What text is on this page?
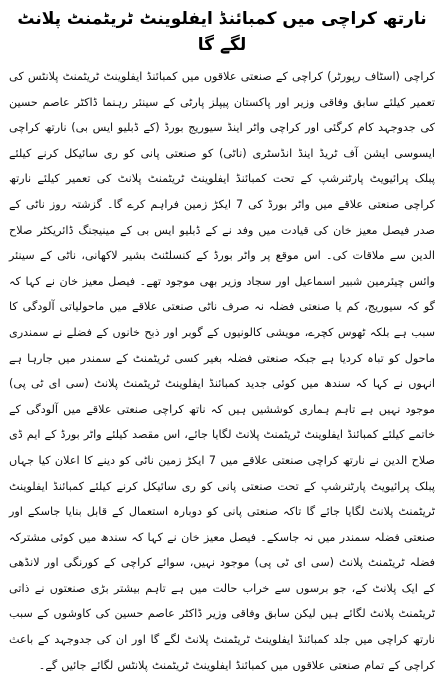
نارتھ کراچی میں کمبائنڈ ایفلوینٹ ٹریٹمنٹ پلانٹ لگے گا

کراچی (اسٹاف رپورٹر) کراچی کے صنعتی علاقوں میں کمبائنڈ ایفلوینٹ ٹریٹمنٹ پلانٹس کی تعمیر کیلئے سابق وفاقی وزیر اور پاکستان پیپلز پارٹی کے سینئر رہنما ڈاکٹر عاصم حسین کی جدوجہد کام کرگئی اور کراچی واٹر اینڈ سیوریج بورڈ (کے ڈبلیو ایس بی) نارتھ کراچی ایسوسی ایشن آف ٹریڈ اینڈ انڈسٹری (ناٹی) کو صنعتی پانی کو ری سائیکل کرنے کیلئے پبلک پرائیویٹ پارٹنرشپ کے تحت کمبائنڈ ایفلوینٹ ٹریٹمنٹ پلانٹ کی تعمیر کیلئے نارتھ کراچی صنعتی علاقے میں واٹر بورڈ کی 7 ایکڑ زمین فراہم کرے گا۔ گزشتہ روز ناٹی کے صدر فیصل معیز خان کی قیادت میں وفد نے کے ڈبلیو ایس بی کے مینیجنگ ڈائریکٹر صلاح الدین سے ملاقات کی۔ اس موقع پر واٹر بورڈ کے کنسلٹنٹ بشیر لاکھانی، ناٹی کے سینئر وائس چیئرمین شبیر اسماعیل اور سجاد وزیر بھی موجود تھے۔ فیصل معیز خان نے کہا کہ گو کہ سیوریج، کم یا صنعتی فضلہ نہ صرف ناٹی صنعتی علاقے میں ماحولیاتی آلودگی کا سبب ہے بلکہ ٹھوس کچرے، مویشی کالونیوں کے گوبر اور ذبح خانوں کے فضلے نے سمندری ماحول کو تباہ کردیا ہے جبکہ صنعتی فضلہ بغیر کسی ٹریٹمنٹ کے سمندر میں جارہا ہے انہوں نے کہا کہ سندھ میں کوئی جدید کمبائنڈ ایفلوینٹ ٹریٹمنٹ پلانٹ (سی ای ٹی پی) موجود نہیں ہے تاہم ہماری کوششیں ہیں کہ ناتھ کراچی صنعتی علاقے میں آلودگی کے خاتمے کیلئے کمبائنڈ ایفلوینٹ ٹریٹمنٹ پلانٹ لگایا جائے، اس مقصد کیلئے واٹر بورڈ کے ایم ڈی صلاح الدین نے نارتھ کراچی صنعتی علاقے میں 7 ایکڑ زمین ناٹی کو دینے کا اعلان کیا جہاں پبلک پرائیویٹ پارٹنرشپ کے تحت صنعتی پانی کو ری سائیکل کرنے کیلئے کمبائنڈ ایفلوینٹ ٹریٹمنٹ پلانٹ لگایا جائے گا تاکہ صنعتی پانی کو دوبارہ استعمال کے قابل بنایا جاسکے اور صنعتی فضلہ سمندر میں نہ جاسکے۔ فیصل معیز خان نے کہا کہ سندھ میں کوئی مشترکہ فضلہ ٹریٹمنٹ پلانٹ (سی ای ٹی پی) موجود نہیں، سوائے کراچی کے کورنگی اور لانڈھی کے ایک پلانٹ کے، جو برسوں سے خراب حالت میں ہے تاہم بیشتر بڑی صنعتوں نے ذاتی ٹریٹمنٹ پلانٹ لگائے ہیں لیکن سابق وفاقی وزیر ڈاکٹر عاصم حسین کی کاوشوں کے سبب نارتھ کراچی میں جلد کمبائنڈ ایفلوینٹ ٹریٹمنٹ پلانٹ لگے گا اور ان کی جدوجہد کے باعث کراچی کے تمام صنعتی علاقوں میں کمبائنڈ ایفلوینٹ ٹریٹمنٹ پلانٹس لگائے جائیں گے۔
